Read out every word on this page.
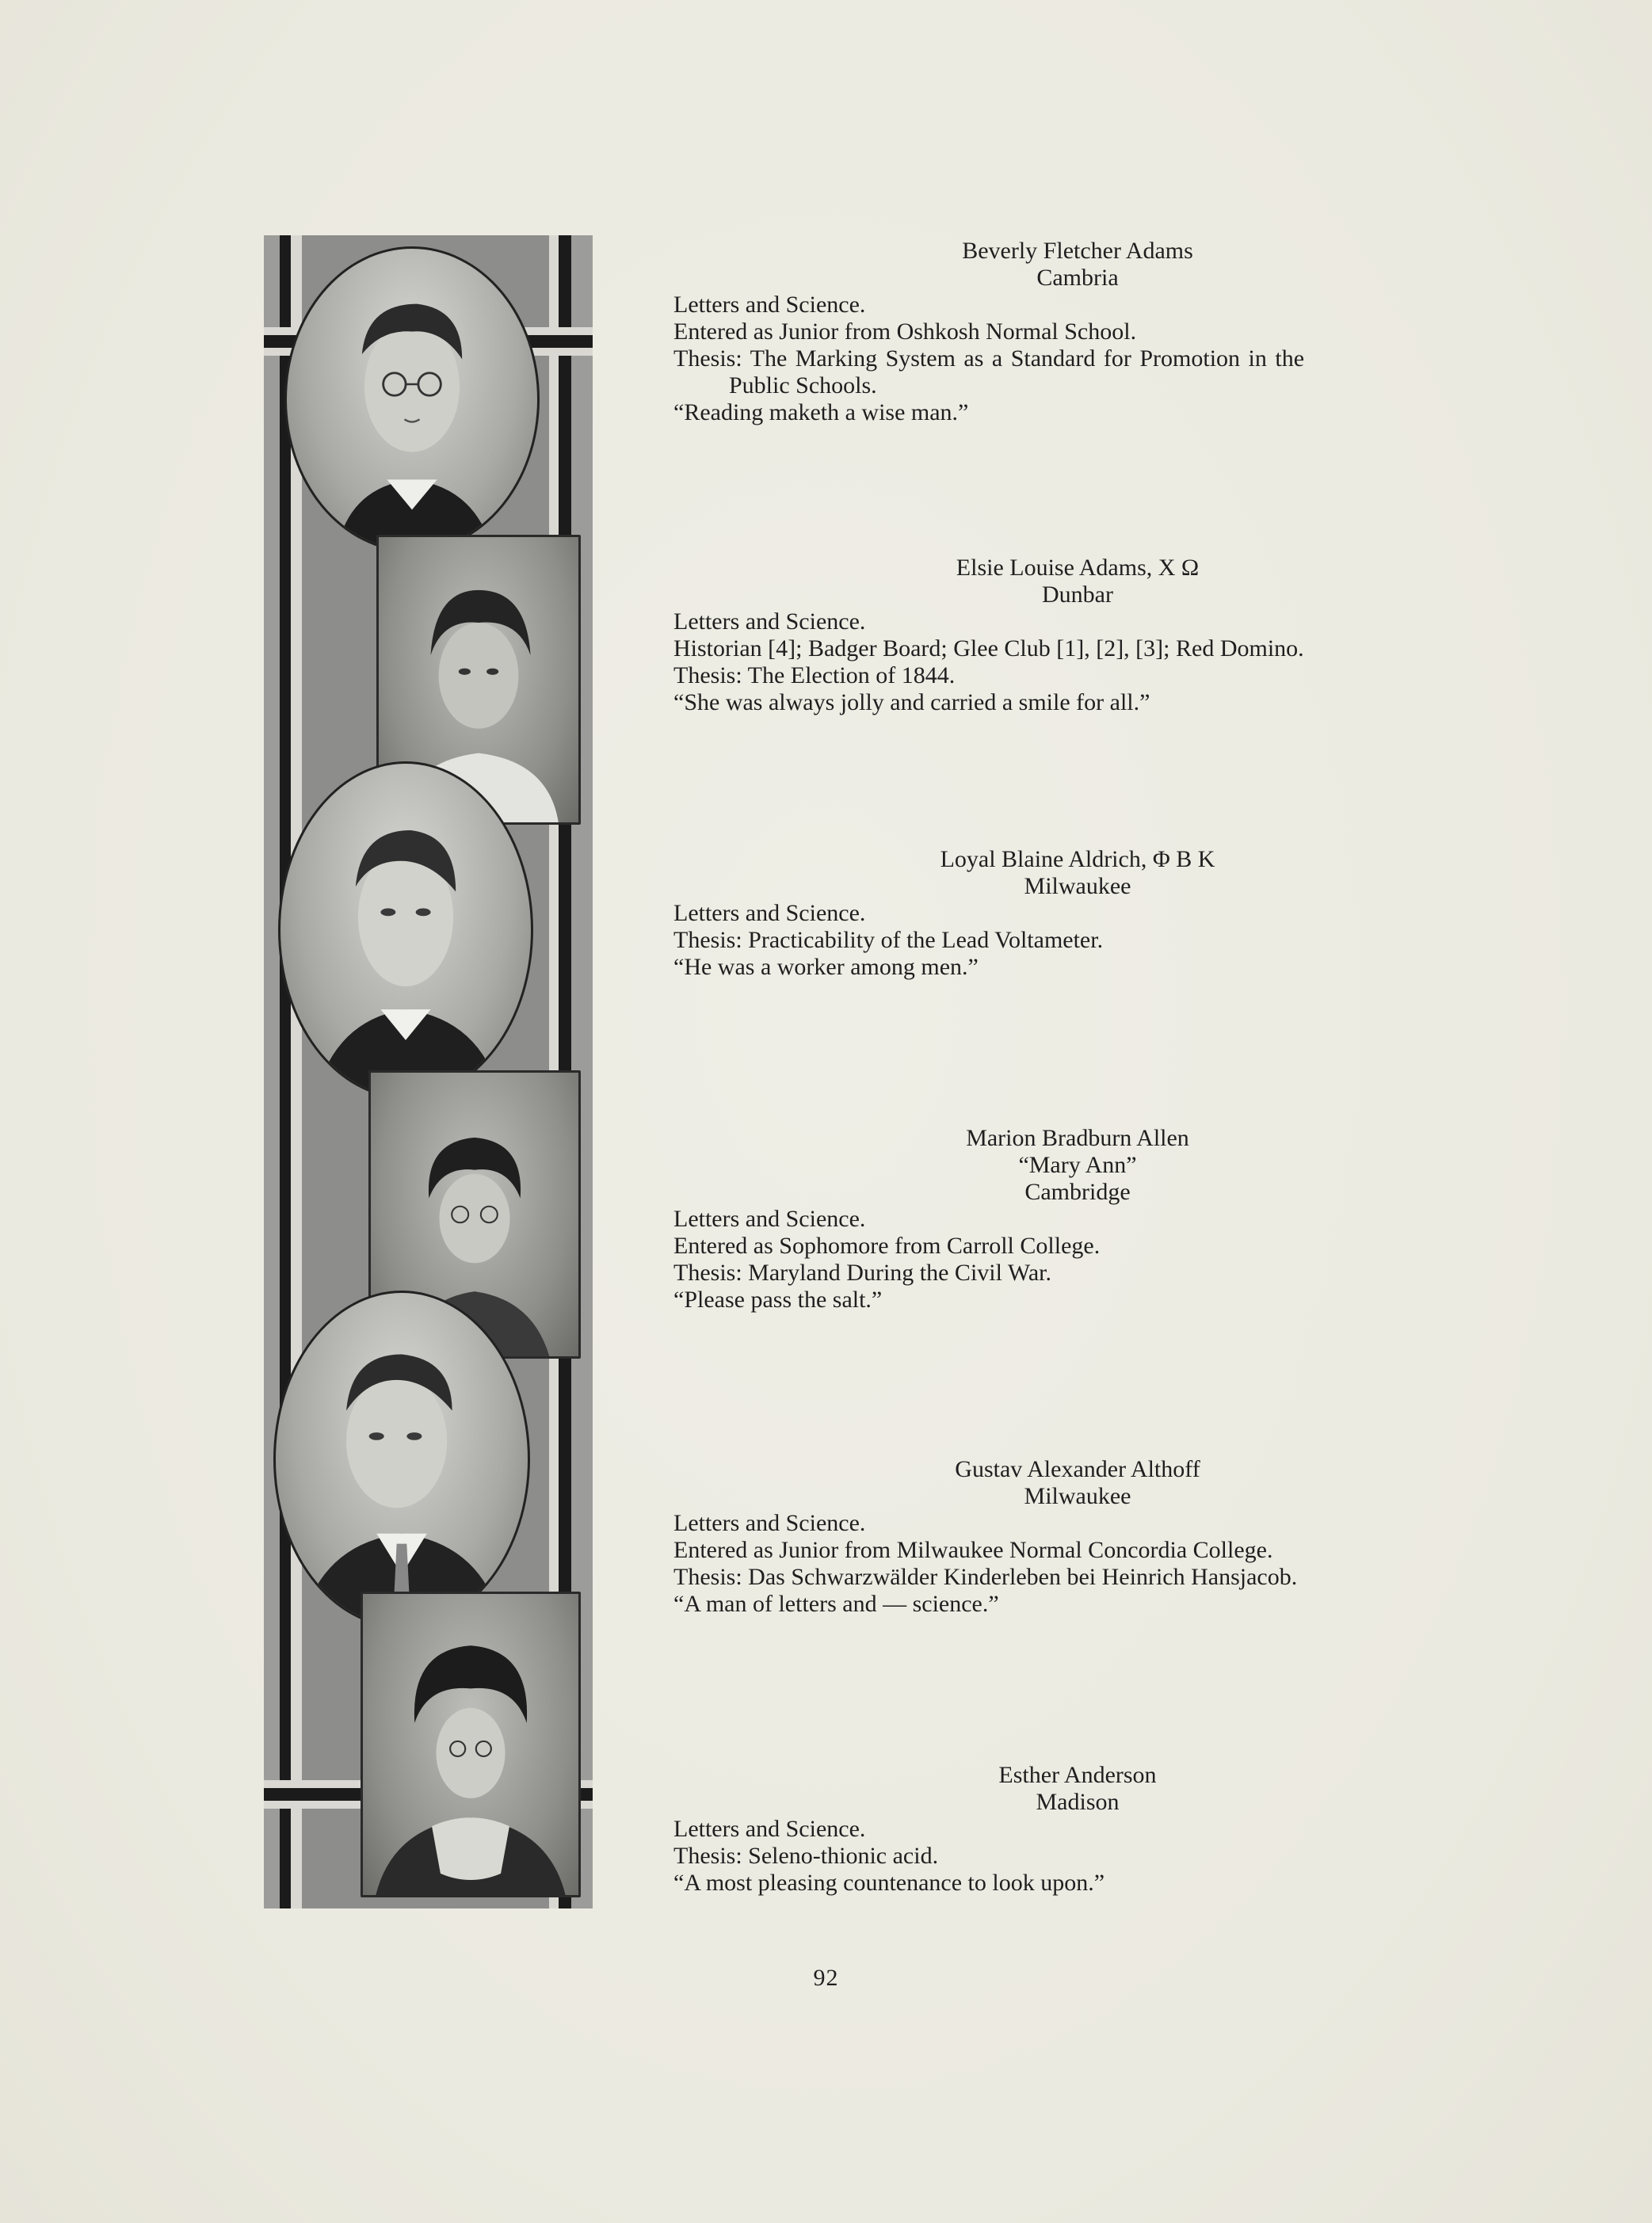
Beverly Fletcher Adams
Cambria
Letters and Science.
Entered as Junior from Oshkosh Normal School.
Thesis: The Marking System as a Standard for Promotion in the
Public Schools.
“Reading maketh a wise man.”
Elsie Louise Adams, X Ω
Dunbar
Letters and Science.
Historian [4]; Badger Board; Glee Club [1], [2], [3]; Red Domino.
Thesis: The Election of 1844.
“She was always jolly and carried a smile for all.”
Loyal Blaine Aldrich, Φ B K
Milwaukee
Letters and Science.
Thesis: Practicability of the Lead Voltameter.
“He was a worker among men.”
Marion Bradburn Allen
“Mary Ann”
Cambridge
Letters and Science.
Entered as Sophomore from Carroll College.
Thesis: Maryland During the Civil War.
“Please pass the salt.”
Gustav Alexander Althoff
Milwaukee
Letters and Science.
Entered as Junior from Milwaukee Normal Concordia College.
Thesis: Das Schwarzwälder Kinderleben bei Heinrich Hansjacob.
“A man of letters and — science.”
Esther Anderson
Madison
Letters and Science.
Thesis: Seleno-thionic acid.
“A most pleasing countenance to look upon.”
92
